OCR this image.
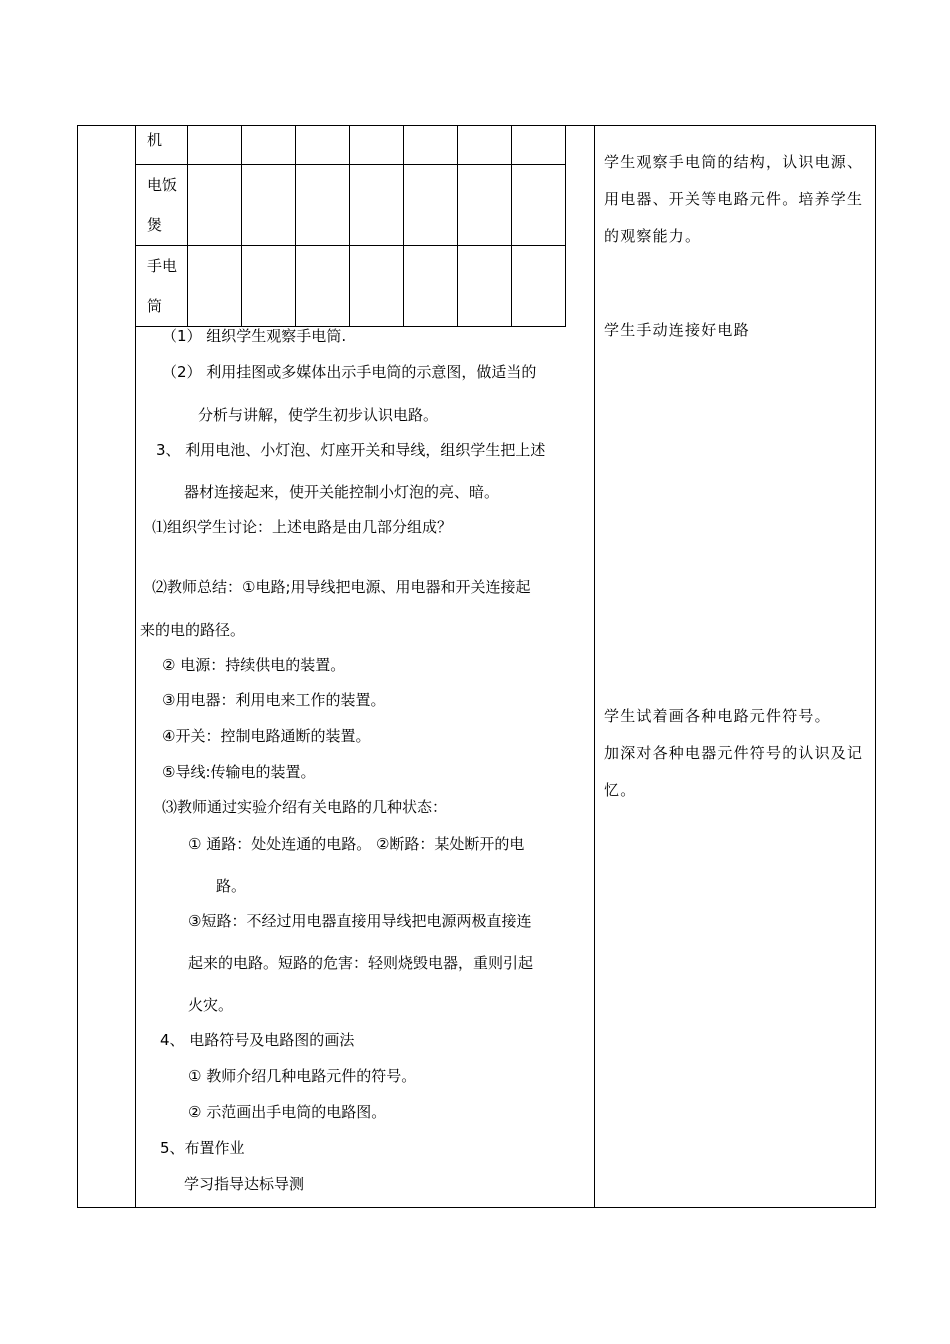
机							

电饭
煲							

手电
筒							

（1） 组织学生观察手电筒.
（2） 利用挂图或多媒体出示手电筒的示意图，做适当的
分析与讲解，使学生初步认识电路。
3、 利用电池、小灯泡、灯座开关和导线，组织学生把上述
器材连接起来，使开关能控制小灯泡的亮、暗。
⑴组织学生讨论：上述电路是由几部分组成？
⑵教师总结：①电路;用导线把电源、用电器和开关连接起
来的电的路径。
② 电源：持续供电的装置。
③用电器：利用电来工作的装置。
④开关：控制电路通断的装置。
⑤导线:传输电的装置。
⑶教师通过实验介绍有关电路的几种状态：
① 通路：处处连通的电路。 ②断路：某处断开的电
路。
③短路：不经过用电器直接用导线把电源两极直接连
起来的电路。短路的危害：轻则烧毁电器，重则引起
火灾。
4、 电路符号及电路图的画法
① 教师介绍几种电路元件的符号。
② 示范画出手电筒的电路图。
5、布置作业
学习指导达标导测
学生观察手电筒的结构，认识电源、用电器、开关等电路元件。培养学生的观察能力。
学生手动连接好电路
学生试着画各种电路元件符号。
加深对各种电器元件符号的认识及记忆。
